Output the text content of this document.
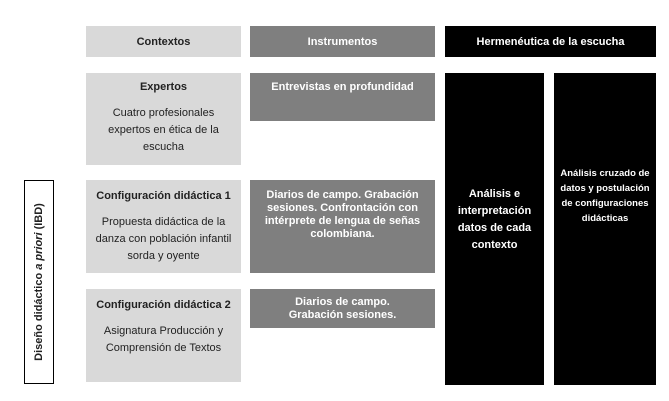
Diseño didáctico a priori (IBD)
Contextos	Instrumentos	Hermenéutica de la escucha
Expertos
Cuatro profesionales expertos en ética de la escucha
Configuración didáctica 1
Propuesta didáctica de la danza con población infantil sorda y oyente
Configuración didáctica 2
Asignatura Producción y Comprensión de Textos
Entrevistas en profundidad
Diarios de campo. Grabación sesiones. Confrontación con intérprete de lengua de señas colombiana.
Diarios de campo. Grabación sesiones.
Análisis e interpretación datos de cada contexto
Análisis cruzado de datos y postulación de configuraciones didácticas
